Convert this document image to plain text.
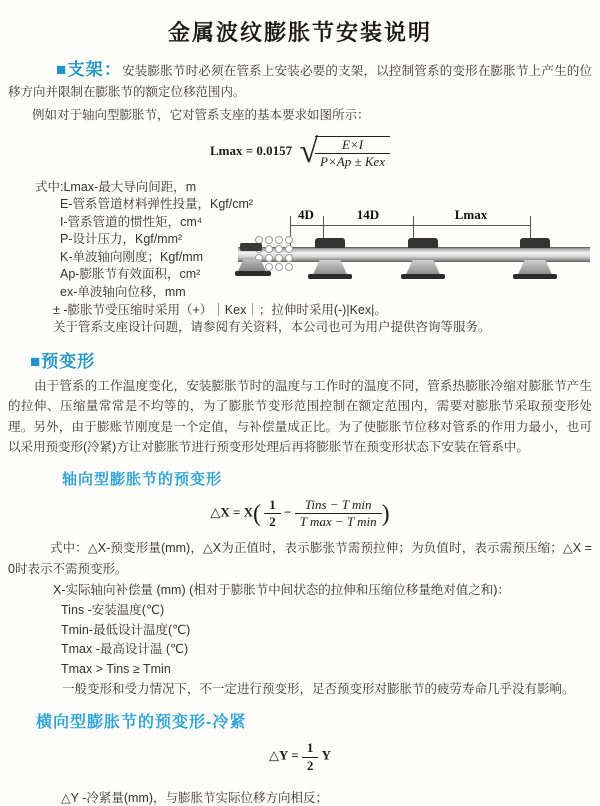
金属波纹膨胀节安装说明

■支架：安装膨胀节时必须在管系上安装必要的支架，以控制管系的变形在膨胀节上产生的位移方向并限制在膨胀节的额定位移范围内。

例如对于轴向型膨胀节，它对管系支座的基本要求如图所示：

Lmax = 0.0157 √
$\frac{E\times I}{\text{P×Ap ± Kex}}$
式中:Lmax-最大导向间距，m
E-管系管道材料弹性投量，Kgf/cm²
I-管系管道的惯性矩，cm⁴
P-设计压力，Kgf/mm²
K-单波轴向刚度；Kgf/mm
Ap-膨胀节有效面积，cm²
ex-单波轴向位移，mm
± -膨胀节受压缩时采用（+）｜Kex｜；拉伸时采用(-)|Kex|。
关于管系支座设计问题，请参阅有关资料，本公司也可为用户提供咨询等服务。
4D	14D	Lmax
■预变形

由于管系的工作温度变化，安装膨胀节时的温度与工作时的温度不同，管系热膨胀冷缩对膨胀节产生的拉伸、压缩量常常是不均等的，为了膨胀节变形范围控制在额定范围内，需要对膨胀节采取预变形处理。另外，由于膨账节刚度是一个定值，与补偿量成正比。为了使膨胀节位移对管系的作用力最小，也可以采用预变形(冷紧)方让对膨胀节进行预变形处理后再将膨胀节在预变形状态下安装在管系中。

轴向型膨胀节的预变形
△X = $X( \frac{1}{2} - \frac{\text{Tins − T min}}{\text{T max − T min}}$ )

式中：△X-预变形量(mm)，△X为正值时，表示膨张节需预拉伸；为负值时，表示需预压缩；△X = 0时表示不需预变形。

X-实际轴向补偿量 (mm) (相对于膨胀节中间状态的拉伸和压缩位移量绝对值之和)：

Tins -安装温度(℃)
Tmin-最低设计温度(℃)
Tmax -最高设计温 (℃)
Tmax > Tins ≥ Tmin

一般变形和受力情况下，不一定进行预变形，足否预变形对膨胀节的疲劳寿命几乎没有影响。

横向型膨胀节的预变形-冷紧
△Y = $\frac{1}{2}$ Y
△Y -冷紧量(mm)，与膨胀节实际位移方向相反；
